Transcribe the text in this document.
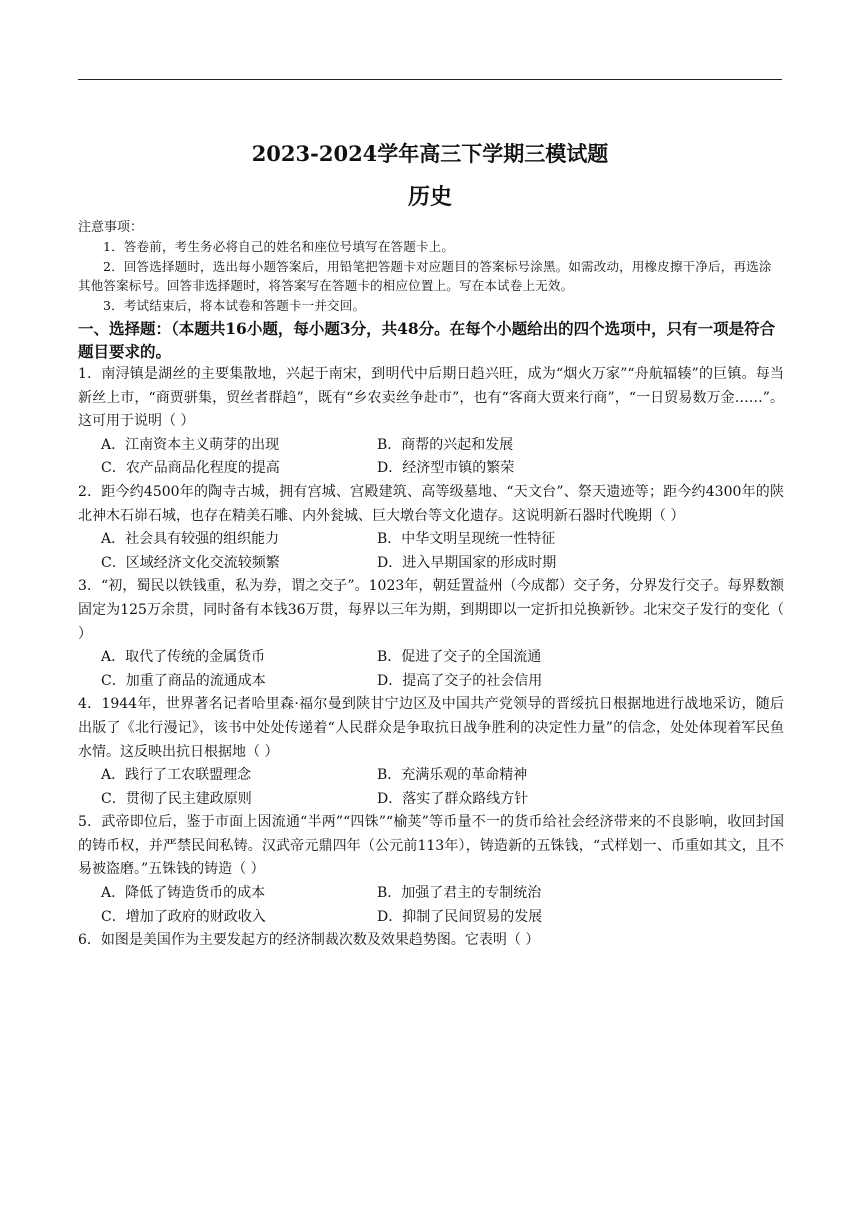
2023-2024学年高三下学期三模试题
历史
注意事项：
1．答卷前，考生务必将自己的姓名和座位号填写在答题卡上。
2．回答选择题时，选出每小题答案后，用铅笔把答题卡对应题目的答案标号涂黑。如需改动，用橡皮擦干净后，再选涂其他答案标号。回答非选择题时，将答案写在答题卡的相应位置上。写在本试卷上无效。
3．考试结束后，将本试卷和答题卡一并交回。
一、选择题：（本题共16小题，每小题3分，共48分。在每个小题给出的四个选项中，只有一项是符合题目要求的。
1．南浔镇是湖丝的主要集散地，兴起于南宋，到明代中后期日趋兴旺，成为“烟火万家”“舟航辐辏”的巨镇。每当新丝上市，“商贾骈集，贸丝者群趋”，既有“乡农卖丝争赴市”，也有“客商大贾来行商”，“一日贸易数万金……”。这可用于说明（ ）
A．江南资本主义萌芽的出现	B．商帮的兴起和发展
C．农产品商品化程度的提高	D．经济型市镇的繁荣
2．距今约4500年的陶寺古城，拥有宫城、宫殿建筑、高等级墓地、“天文台”、祭天遗迹等；距今约4300年的陕北神木石峁石城，也存在精美石雕、内外瓮城、巨大墩台等文化遗存。这说明新石器时代晚期（ ）
A．社会具有较强的组织能力	B．中华文明呈现统一性特征
C．区域经济文化交流较频繁	D．进入早期国家的形成时期
3．“初，蜀民以铁钱重，私为券，谓之交子”。1023年，朝廷置益州（今成都）交子务，分界发行交子。每界数额固定为125万余贯，同时备有本钱36万贯，每界以三年为期，到期即以一定折扣兑换新钞。北宋交子发行的变化（ ）
A．取代了传统的金属货币	B．促进了交子的全国流通
C．加重了商品的流通成本	D．提高了交子的社会信用
4．1944年，世界著名记者哈里森·福尔曼到陕甘宁边区及中国共产党领导的晋绥抗日根据地进行战地采访，随后出版了《北行漫记》，该书中处处传递着“人民群众是争取抗日战争胜利的决定性力量”的信念，处处体现着军民鱼水情。这反映出抗日根据地（ ）
A．践行了工农联盟理念	B．充满乐观的革命精神
C．贯彻了民主建政原则	D．落实了群众路线方针
5．武帝即位后，鉴于市面上因流通“半两”“四铢”“榆荚”等币量不一的货币给社会经济带来的不良影响，收回封国的铸币权，并严禁民间私铸。汉武帝元鼎四年（公元前113年），铸造新的五铢钱，“式样划一、币重如其文，且不易被盗磨。”五铢钱的铸造（ ）
A．降低了铸造货币的成本	B．加强了君主的专制统治
C．增加了政府的财政收入	D．抑制了民间贸易的发展
6．如图是美国作为主要发起方的经济制裁次数及效果趋势图。它表明（ ）
